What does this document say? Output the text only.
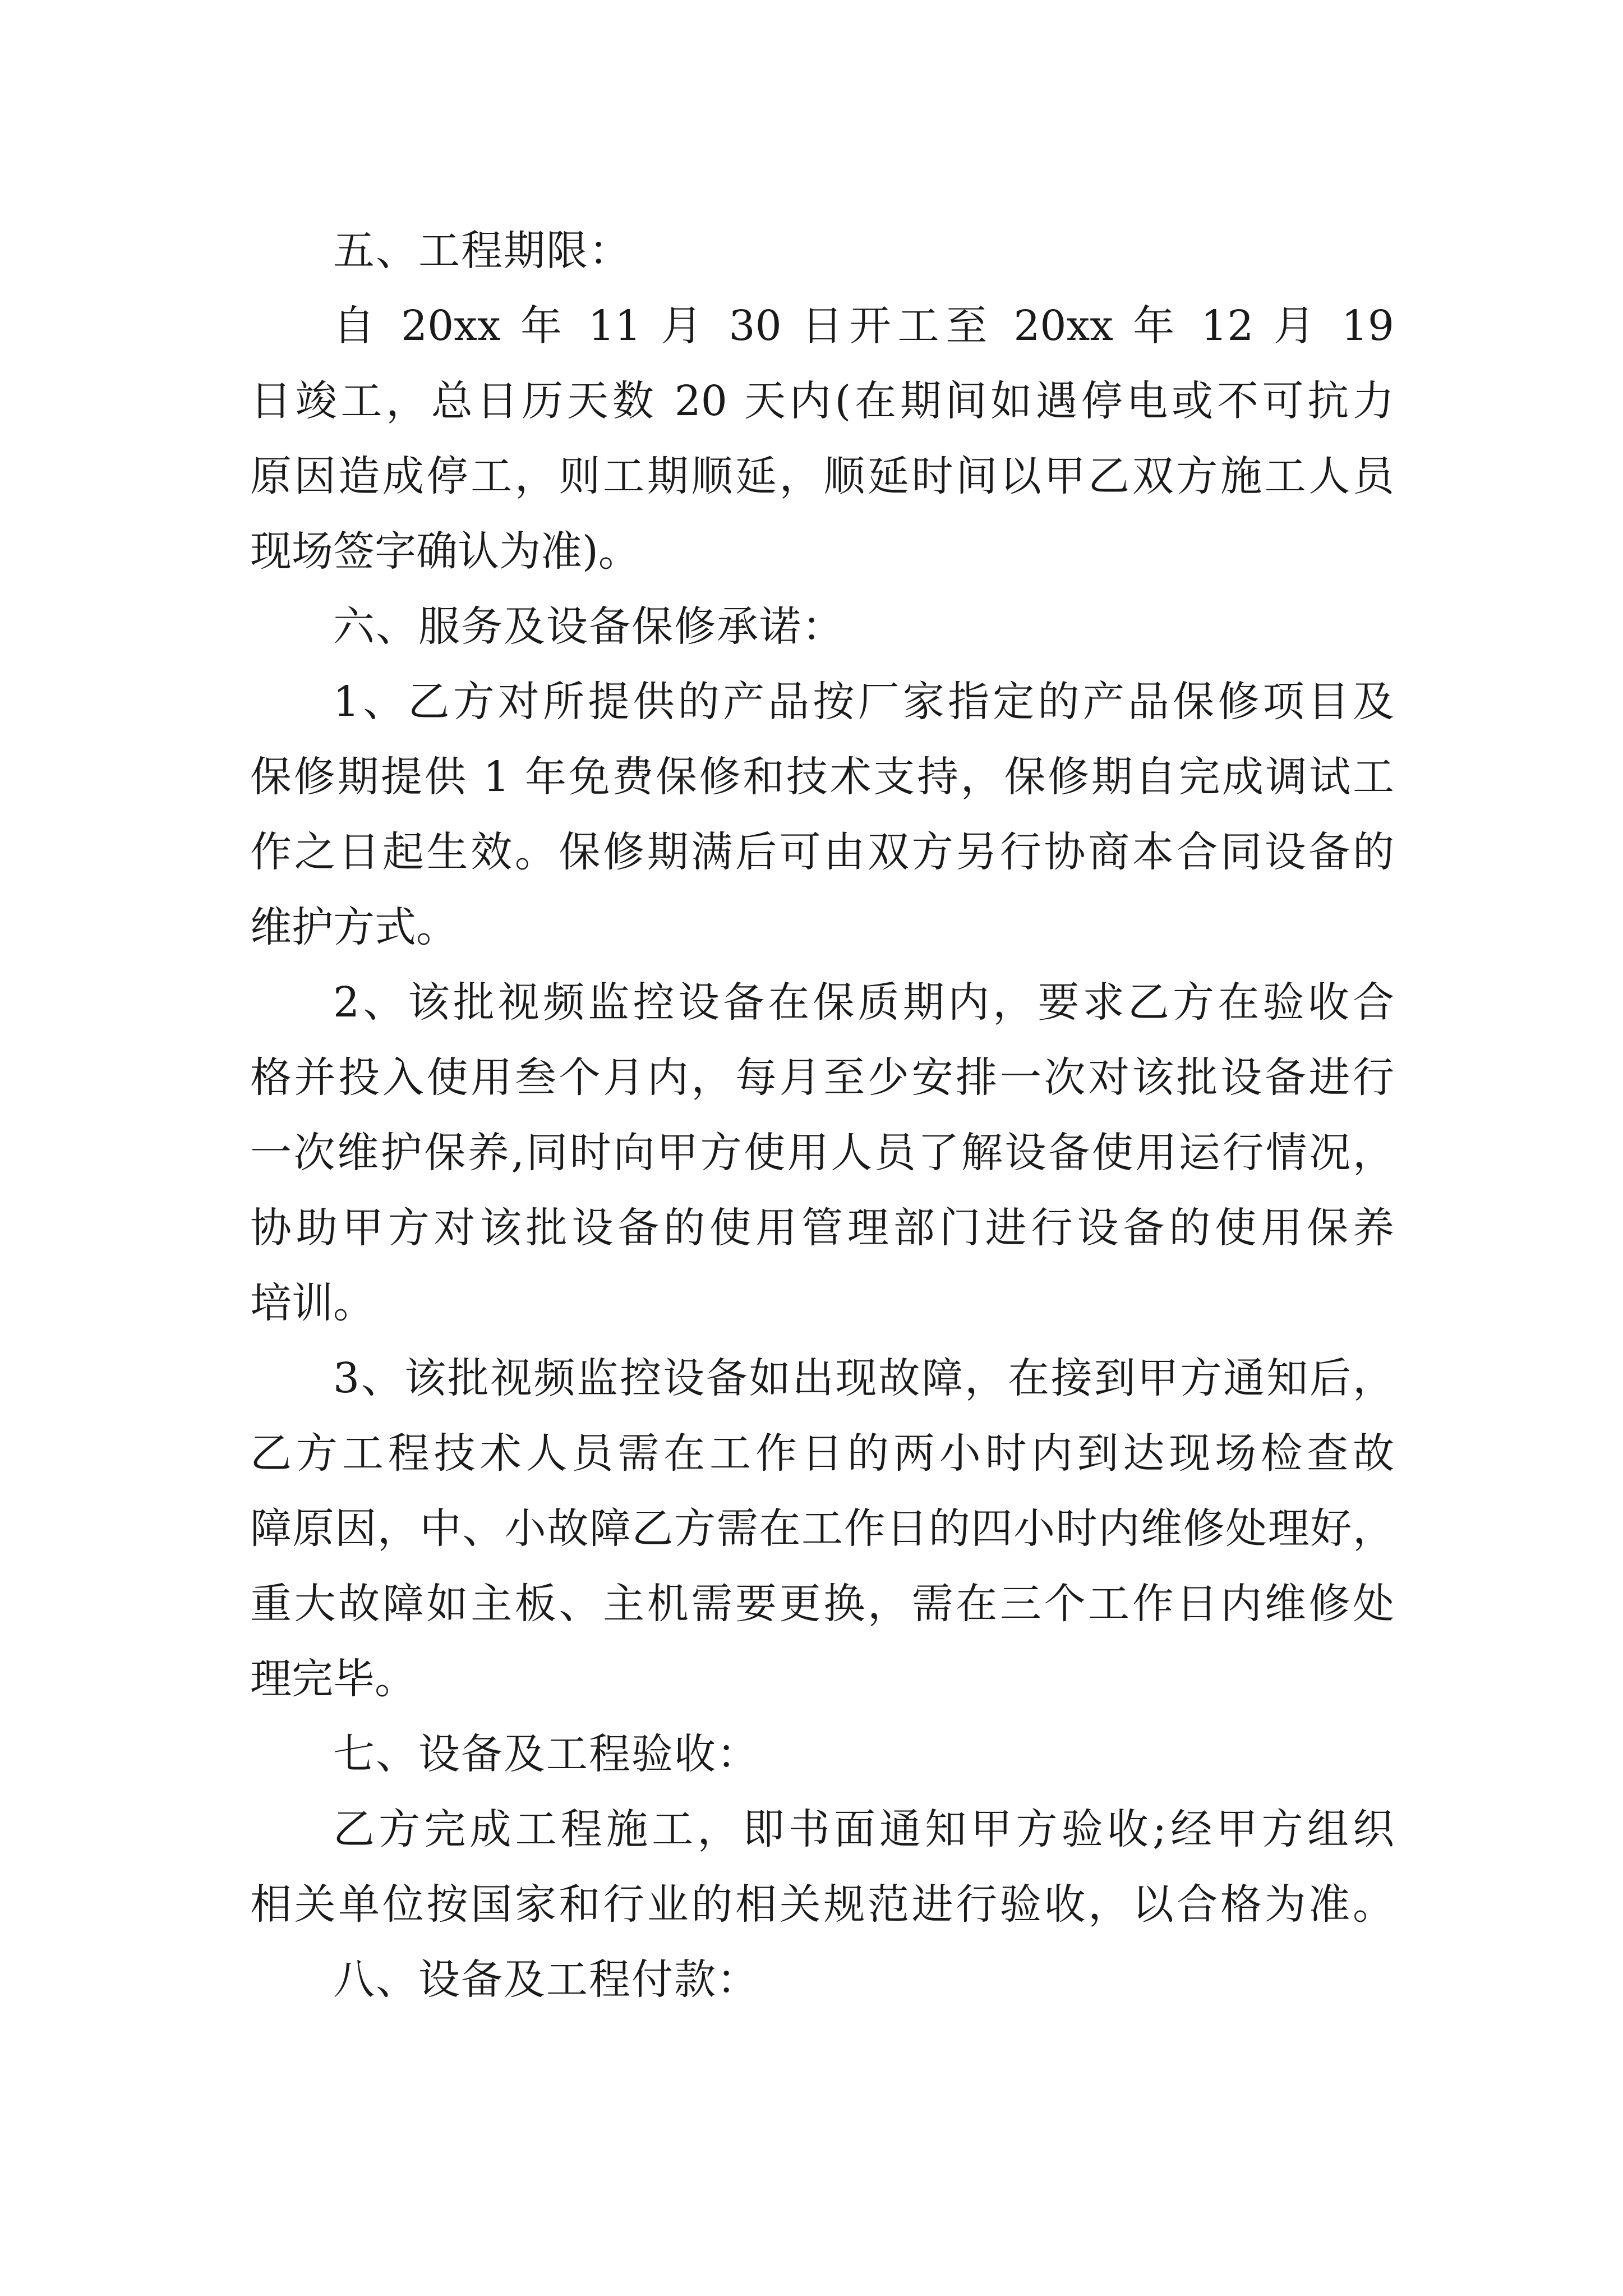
五、工程期限：
自 20xx 年 11 月 30 日开工至 20xx 年 12 月 19
日竣工，总日历天数 20 天内(在期间如遇停电或不可抗力
原因造成停工，则工期顺延，顺延时间以甲乙双方施工人员
现场签字确认为准)。
六、服务及设备保修承诺：
1、乙方对所提供的产品按厂家指定的产品保修项目及
保修期提供 1 年免费保修和技术支持，保修期自完成调试工
作之日起生效。保修期满后可由双方另行协商本合同设备的
维护方式。
2、该批视频监控设备在保质期内，要求乙方在验收合
格并投入使用叁个月内，每月至少安排一次对该批设备进行
一次维护保养,同时向甲方使用人员了解设备使用运行情况，
协助甲方对该批设备的使用管理部门进行设备的使用保养
培训。
3、该批视频监控设备如出现故障，在接到甲方通知后，
乙方工程技术人员需在工作日的两小时内到达现场检查故
障原因，中、小故障乙方需在工作日的四小时内维修处理好，
重大故障如主板、主机需要更换，需在三个工作日内维修处
理完毕。
七、设备及工程验收：
乙方完成工程施工，即书面通知甲方验收;经甲方组织
相关单位按国家和行业的相关规范进行验收，以合格为准。
八、设备及工程付款：
